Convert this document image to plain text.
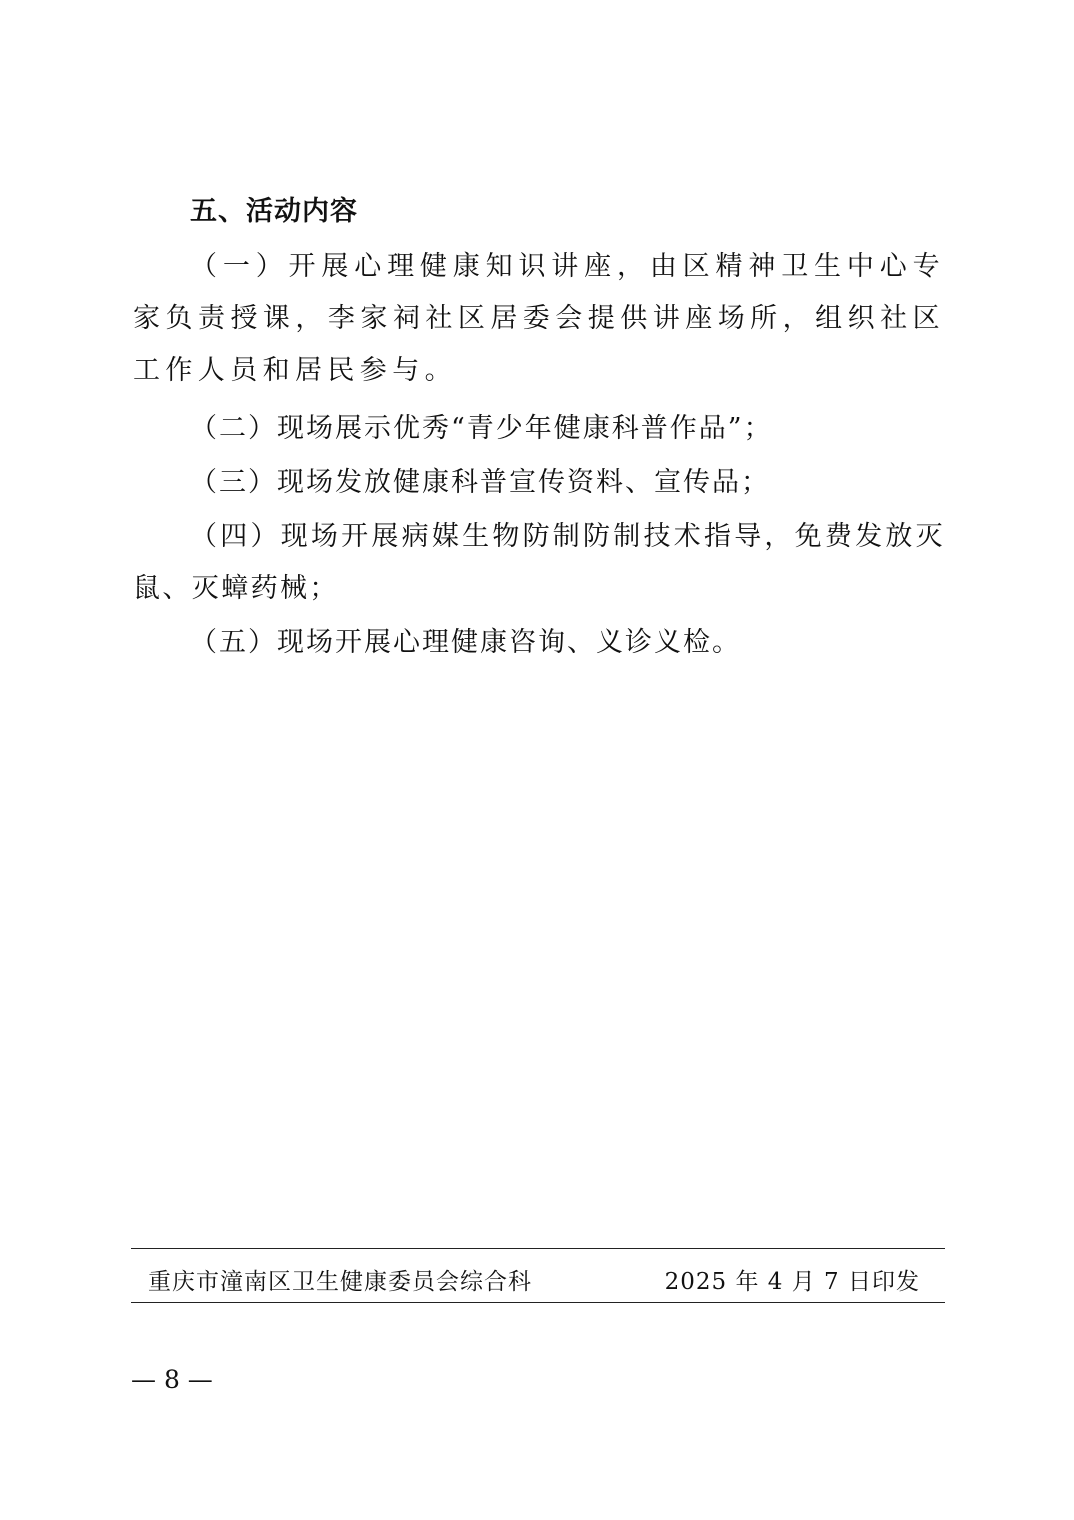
五、活动内容

（一）开展心理健康知识讲座，由区精神卫生中心专家负责授课，李家祠社区居委会提供讲座场所，组织社区工作人员和居民参与。

（二）现场展示优秀“青少年健康科普作品”；

（三）现场发放健康科普宣传资料、宣传品；

（四）现场开展病媒生物防制防制技术指导，免费发放灭鼠、灭蟑药械；

（五）现场开展心理健康咨询、义诊义检。

重庆市潼南区卫生健康委员会综合科	2025 年 4 月 7 日印发
— 8 —
